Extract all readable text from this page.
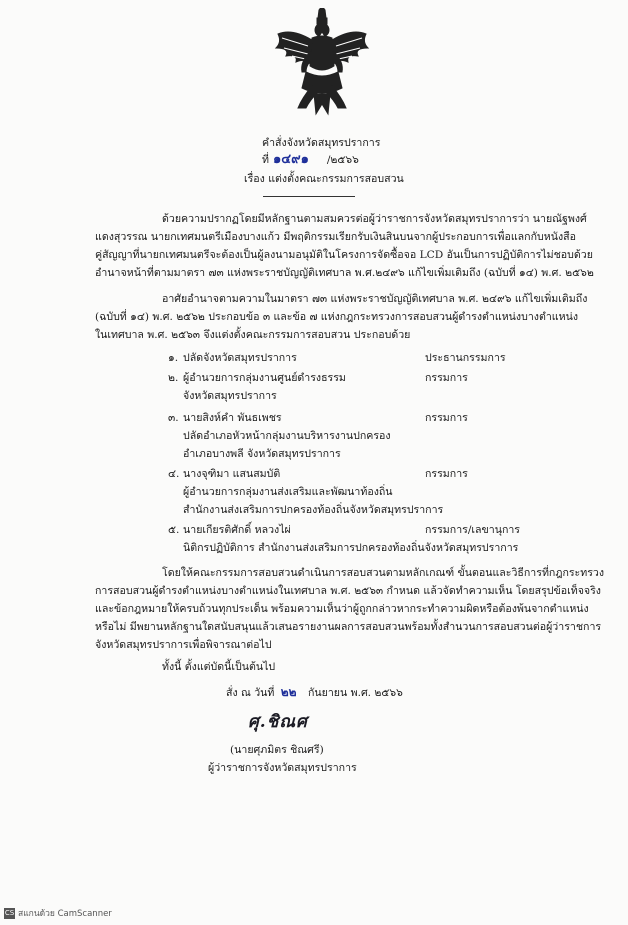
คำสั่งจังหวัดสมุทรปราการ
ที่ ๑๔๙๑ /๒๕๖๖
เรื่อง แต่งตั้งคณะกรรมการสอบสวน
ด้วยความปรากฏโดยมีหลักฐานตามสมควรต่อผู้ว่าราชการจังหวัดสมุทรปราการว่า นายณัฐพงศ์
แดงสุวรรณ นายกเทศมนตรีเมืองบางแก้ว มีพฤติกรรมเรียกรับเงินสินบนจากผู้ประกอบการเพื่อแลกกับหนังสือ
คู่สัญญาที่นายกเทศมนตรีจะต้องเป็นผู้ลงนามอนุมัติในโครงการจัดซื้อจอ LCD อันเป็นการปฏิบัติการไม่ชอบด้วย
อำนาจหน้าที่ตามมาตรา ๗๓ แห่งพระราชบัญญัติเทศบาล พ.ศ.๒๔๙๖ แก้ไขเพิ่มเติมถึง (ฉบับที่ ๑๔) พ.ศ. ๒๕๖๒
อาศัยอำนาจตามความในมาตรา ๗๓ แห่งพระราชบัญญัติเทศบาล พ.ศ. ๒๔๙๖ แก้ไขเพิ่มเติมถึง
(ฉบับที่ ๑๔) พ.ศ. ๒๕๖๒ ประกอบข้อ ๓ และข้อ ๗ แห่งกฎกระทรวงการสอบสวนผู้ดำรงตำแหน่งบางตำแหน่ง
ในเทศบาล พ.ศ. ๒๕๖๓ จึงแต่งตั้งคณะกรรมการสอบสวน ประกอบด้วย
๑. ปลัดจังหวัดสมุทรปราการ	ประธานกรรมการ
๒. ผู้อำนวยการกลุ่มงานศูนย์ดำรงธรรม
จังหวัดสมุทรปราการ
กรรมการ
๓. นายสิงห์คำ พันธเพชร
ปลัดอำเภอหัวหน้ากลุ่มงานบริหารงานปกครอง
อำเภอบางพลี จังหวัดสมุทรปราการ
กรรมการ
๔. นางจุฑิมา แสนสมบัติ
ผู้อำนวยการกลุ่มงานส่งเสริมและพัฒนาท้องถิ่น
สำนักงานส่งเสริมการปกครองท้องถิ่นจังหวัดสมุทรปราการ
กรรมการ
๕. นายเกียรติศักดิ์ หลวงไผ่
นิติกรปฏิบัติการ สำนักงานส่งเสริมการปกครองท้องถิ่นจังหวัดสมุทรปราการ
กรรมการ/เลขานุการ
โดยให้คณะกรรมการสอบสวนดำเนินการสอบสวนตามหลักเกณฑ์ ขั้นตอนและวิธีการที่กฎกระทรวง
การสอบสวนผู้ดำรงตำแหน่งบางตำแหน่งในเทศบาล พ.ศ. ๒๕๖๓ กำหนด แล้วจัดทำความเห็น โดยสรุปข้อเท็จจริง
และข้อกฎหมายให้ครบถ้วนทุกประเด็น พร้อมความเห็นว่าผู้ถูกกล่าวหากระทำความผิดหรือต้องพ้นจากตำแหน่ง
หรือไม่ มีพยานหลักฐานใดสนับสนุนแล้วเสนอรายงานผลการสอบสวนพร้อมทั้งสำนวนการสอบสวนต่อผู้ว่าราชการ
จังหวัดสมุทรปราการเพื่อพิจารณาต่อไป
ทั้งนี้ ตั้งแต่บัดนี้เป็นต้นไป
สั่ง ณ วันที่ ๒๒ กันยายน พ.ศ. ๒๕๖๖
ศุ.ชิณศ
(นายศุภมิตร ชิณศรี)
ผู้ว่าราชการจังหวัดสมุทรปราการ
CS สแกนด้วย CamScanner
